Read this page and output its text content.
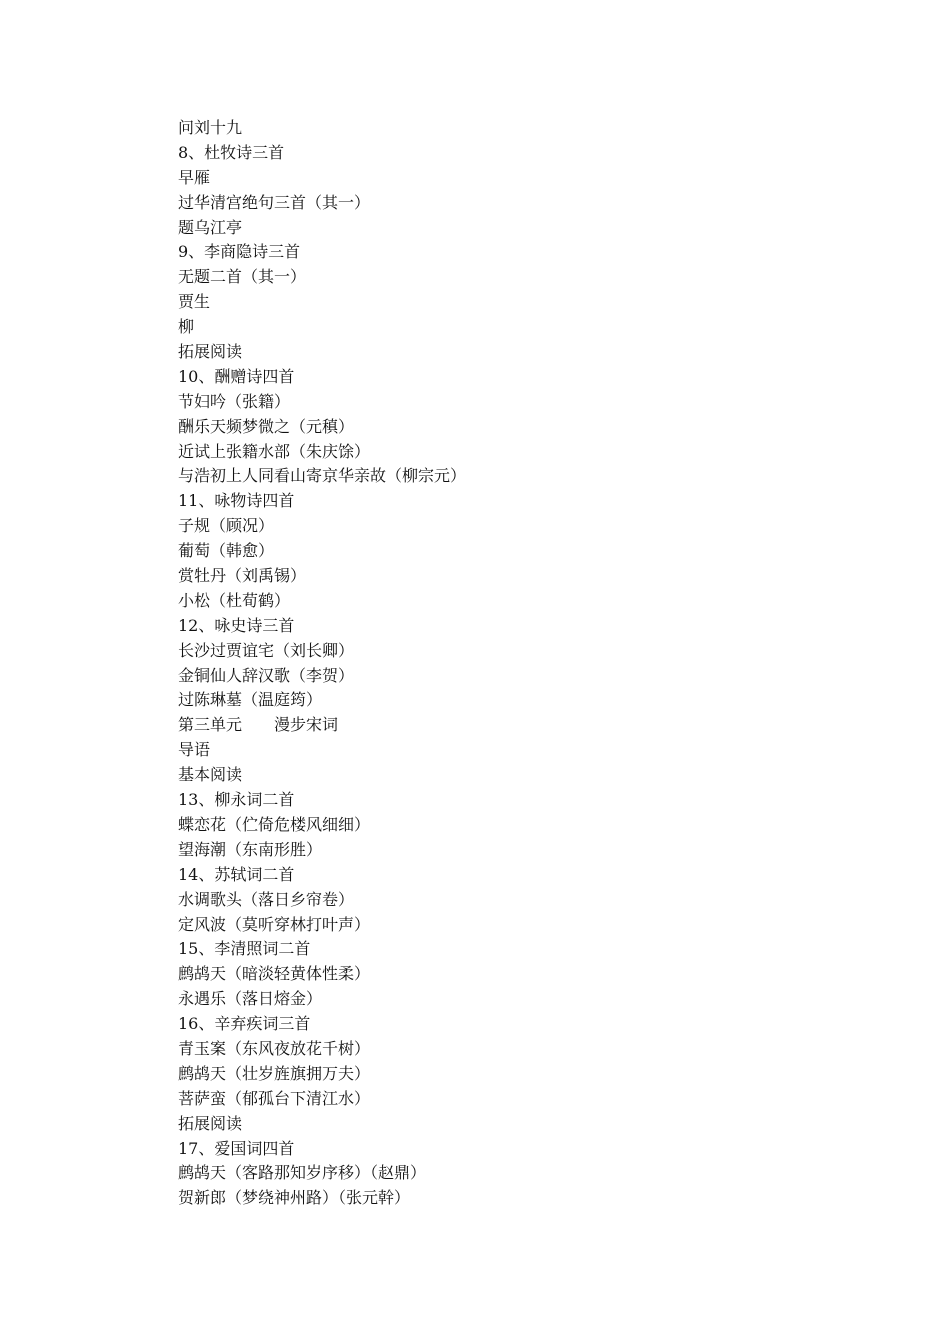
问刘十九
8、杜牧诗三首
早雁
过华清宫绝句三首（其一）
题乌江亭
9、李商隐诗三首
无题二首（其一）
贾生
柳
拓展阅读
10、酬赠诗四首
节妇吟（张籍）
酬乐天频梦微之（元稹）
近试上张籍水部（朱庆馀）
与浩初上人同看山寄京华亲故（柳宗元）
11、咏物诗四首
子规（顾况）
葡萄（韩愈）
赏牡丹（刘禹锡）
小松（杜荀鹤）
12、咏史诗三首
长沙过贾谊宅（刘长卿）
金铜仙人辞汉歌（李贺）
过陈琳墓（温庭筠）
第三单元　　漫步宋词
导语
基本阅读
13、柳永词二首
蝶恋花（伫倚危楼风细细）
望海潮（东南形胜）
14、苏轼词二首
水调歌头（落日乡帘卷）
定风波（莫听穿林打叶声）
15、李清照词二首
鹧鸪天（暗淡轻黄体性柔）
永遇乐（落日熔金）
16、辛弃疾词三首
青玉案（东风夜放花千树）
鹧鸪天（壮岁旌旗拥万夫）
菩萨蛮（郁孤台下清江水）
拓展阅读
17、爱国词四首
鹧鸪天（客路那知岁序移）（赵鼎）
贺新郎（梦绕神州路）（张元幹）
